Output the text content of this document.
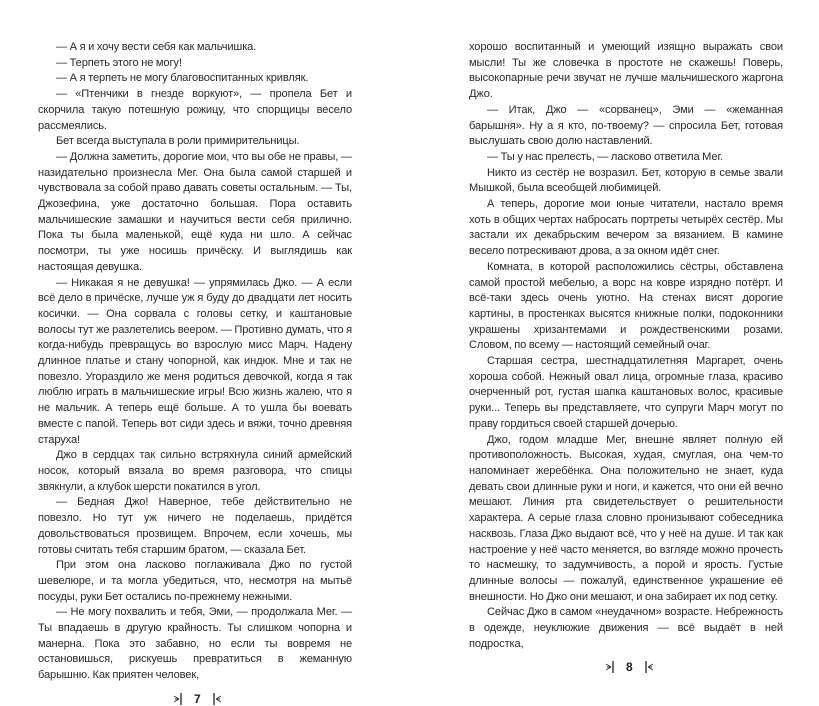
— А я и хочу вести себя как мальчишка.

— Терпеть этого не могу!

— А я терпеть не могу благовоспитанных кривляк.

— «Птенчики в гнезде воркуют», — пропела Бет и скорчила такую потешную рожицу, что спорщицы весело рассмеялись.

Бет всегда выступала в роли примирительницы.

— Должна заметить, дорогие мои, что вы обе не правы, — назидательно произнесла Мег. Она была самой старшей и чувствовала за собой право давать советы остальным. — Ты, Джозефина, уже достаточно большая. Пора оставить мальчишеские замашки и научиться вести себя прилично. Пока ты была маленькой, ещё куда ни шло. А сейчас посмотри, ты уже носишь причёску. И выглядишь как настоящая девушка.

— Никакая я не девушка! — упрямилась Джо. — А если всё дело в причёске, лучше уж я буду до двадцати лет носить косички. — Она сорвала с головы сетку, и каштановые волосы тут же разлетелись веером. — Противно думать, что я когда-нибудь превращусь во взрослую мисс Марч. Надену длинное платье и стану чопорной, как индюк. Мне и так не повезло. Угораздило же меня родиться девочкой, когда я так люблю играть в мальчишеские игры! Всю жизнь жалею, что я не мальчик. А теперь ещё больше. А то ушла бы воевать вместе с папой. Теперь вот сиди здесь и вяжи, точно древняя старуха!

Джо в сердцах так сильно встряхнула синий армейский носок, который вязала во время разговора, что спицы звякнули, а клубок шерсти покатился в угол.

— Бедная Джо! Наверное, тебе действительно не повезло. Но тут уж ничего не поделаешь, придётся довольствоваться прозвищем. Впрочем, если хочешь, мы готовы считать тебя старшим братом, — сказала Бет.

При этом она ласково поглаживала Джо по густой шевелюре, и та могла убедиться, что, несмотря на мытьё посуды, руки Бет остались по-прежнему нежными.

— Не могу похвалить и тебя, Эми, — продолжала Мег. — Ты впадаешь в другую крайность. Ты слишком чопорна и манерна. Пока это забавно, но если ты вовремя не остановишься, рискуешь превратиться в жеманную барышню. Как приятен человек,

хорошо воспитанный и умеющий изящно выражать свои мысли! Ты же словечка в простоте не скажешь! Поверь, высокопарные речи звучат не лучше мальчишеского жаргона Джо.

— Итак, Джо — «сорванец», Эми — «жеманная барышня». Ну а я кто, по-твоему? — спросила Бет, готовая выслушать свою долю наставлений.

— Ты у нас прелесть, — ласково ответила Мег.

Никто из сестёр не возразил. Бет, которую в семье звали Мышкой, была всеобщей любимицей.

А теперь, дорогие мои юные читатели, настало время хоть в общих чертах набросать портреты четырёх сестёр. Мы застали их декабрьским вечером за вязанием. В камине весело потрескивают дрова, а за окном идёт снег.

Комната, в которой расположились сёстры, обставлена самой простой мебелью, а ворс на ковре изрядно потёрт. И всё-таки здесь очень уютно. На стенах висят дорогие картины, в простенках высятся книжные полки, подоконники украшены хризантемами и рождественскими розами. Словом, по всему — настоящий семейный очаг.

Старшая сестра, шестнадцатилетняя Маргарет, очень хороша собой. Нежный овал лица, огромные глаза, красиво очерченный рот, густая шапка каштановых волос, красивые руки... Теперь вы представляете, что супруги Марч могут по праву гордиться своей старшей дочерью.

Джо, годом младше Мег, внешне являет полную ей противоположность. Высокая, худая, смуглая, она чем-то напоминает жеребёнка. Она положительно не знает, куда девать свои длинные руки и ноги, и кажется, что они ей вечно мешают. Линия рта свидетельствует о решительности характера. А серые глаза словно пронизывают собеседника насквозь. Глаза Джо выдают всё, что у неё на душе. И так как настроение у неё часто меняется, во взгляде можно прочесть то насмешку, то задумчивость, а порой и ярость. Густые длинные волосы — пожалуй, единственное украшение её внешности. Но Джо они мешают, и она забирает их под сетку.

Сейчас Джо в самом «неудачном» возрасте. Небрежность в одежде, неуклюжие движения — всё выдаёт в ней подростка,

7
8
